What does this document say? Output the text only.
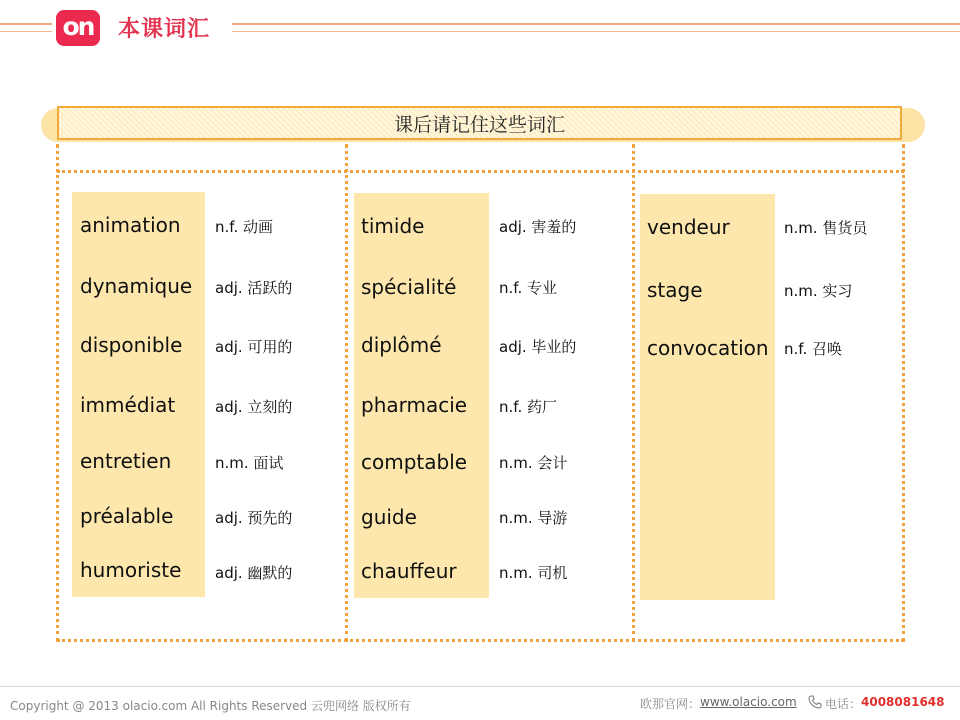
on 本课词汇
课后请记住这些词汇
animation n.f. 动画
dynamique adj. 活跃的
disponible adj. 可用的
immédiat	adj. 立刻的
entretien	n.m. 面试
préalable	adj. 预先的
humoriste adj. 幽默的
timide	adj. 害羞的
spécialité	n.f. 专业
diplômé	adj. 毕业的
pharmacie n.f. 药厂
comptable n.m. 会计
guide	n.m. 导游
chauffeur	n.m. 司机
vendeur	n.m. 售货员
stage	n.m. 实习
convocation n.f. 召唤
Copyright @ 2013 olacio.com All Rights Reserved 云兜网络 版权所有	欧那官网： www.olacio.com 电话： 4008081648
